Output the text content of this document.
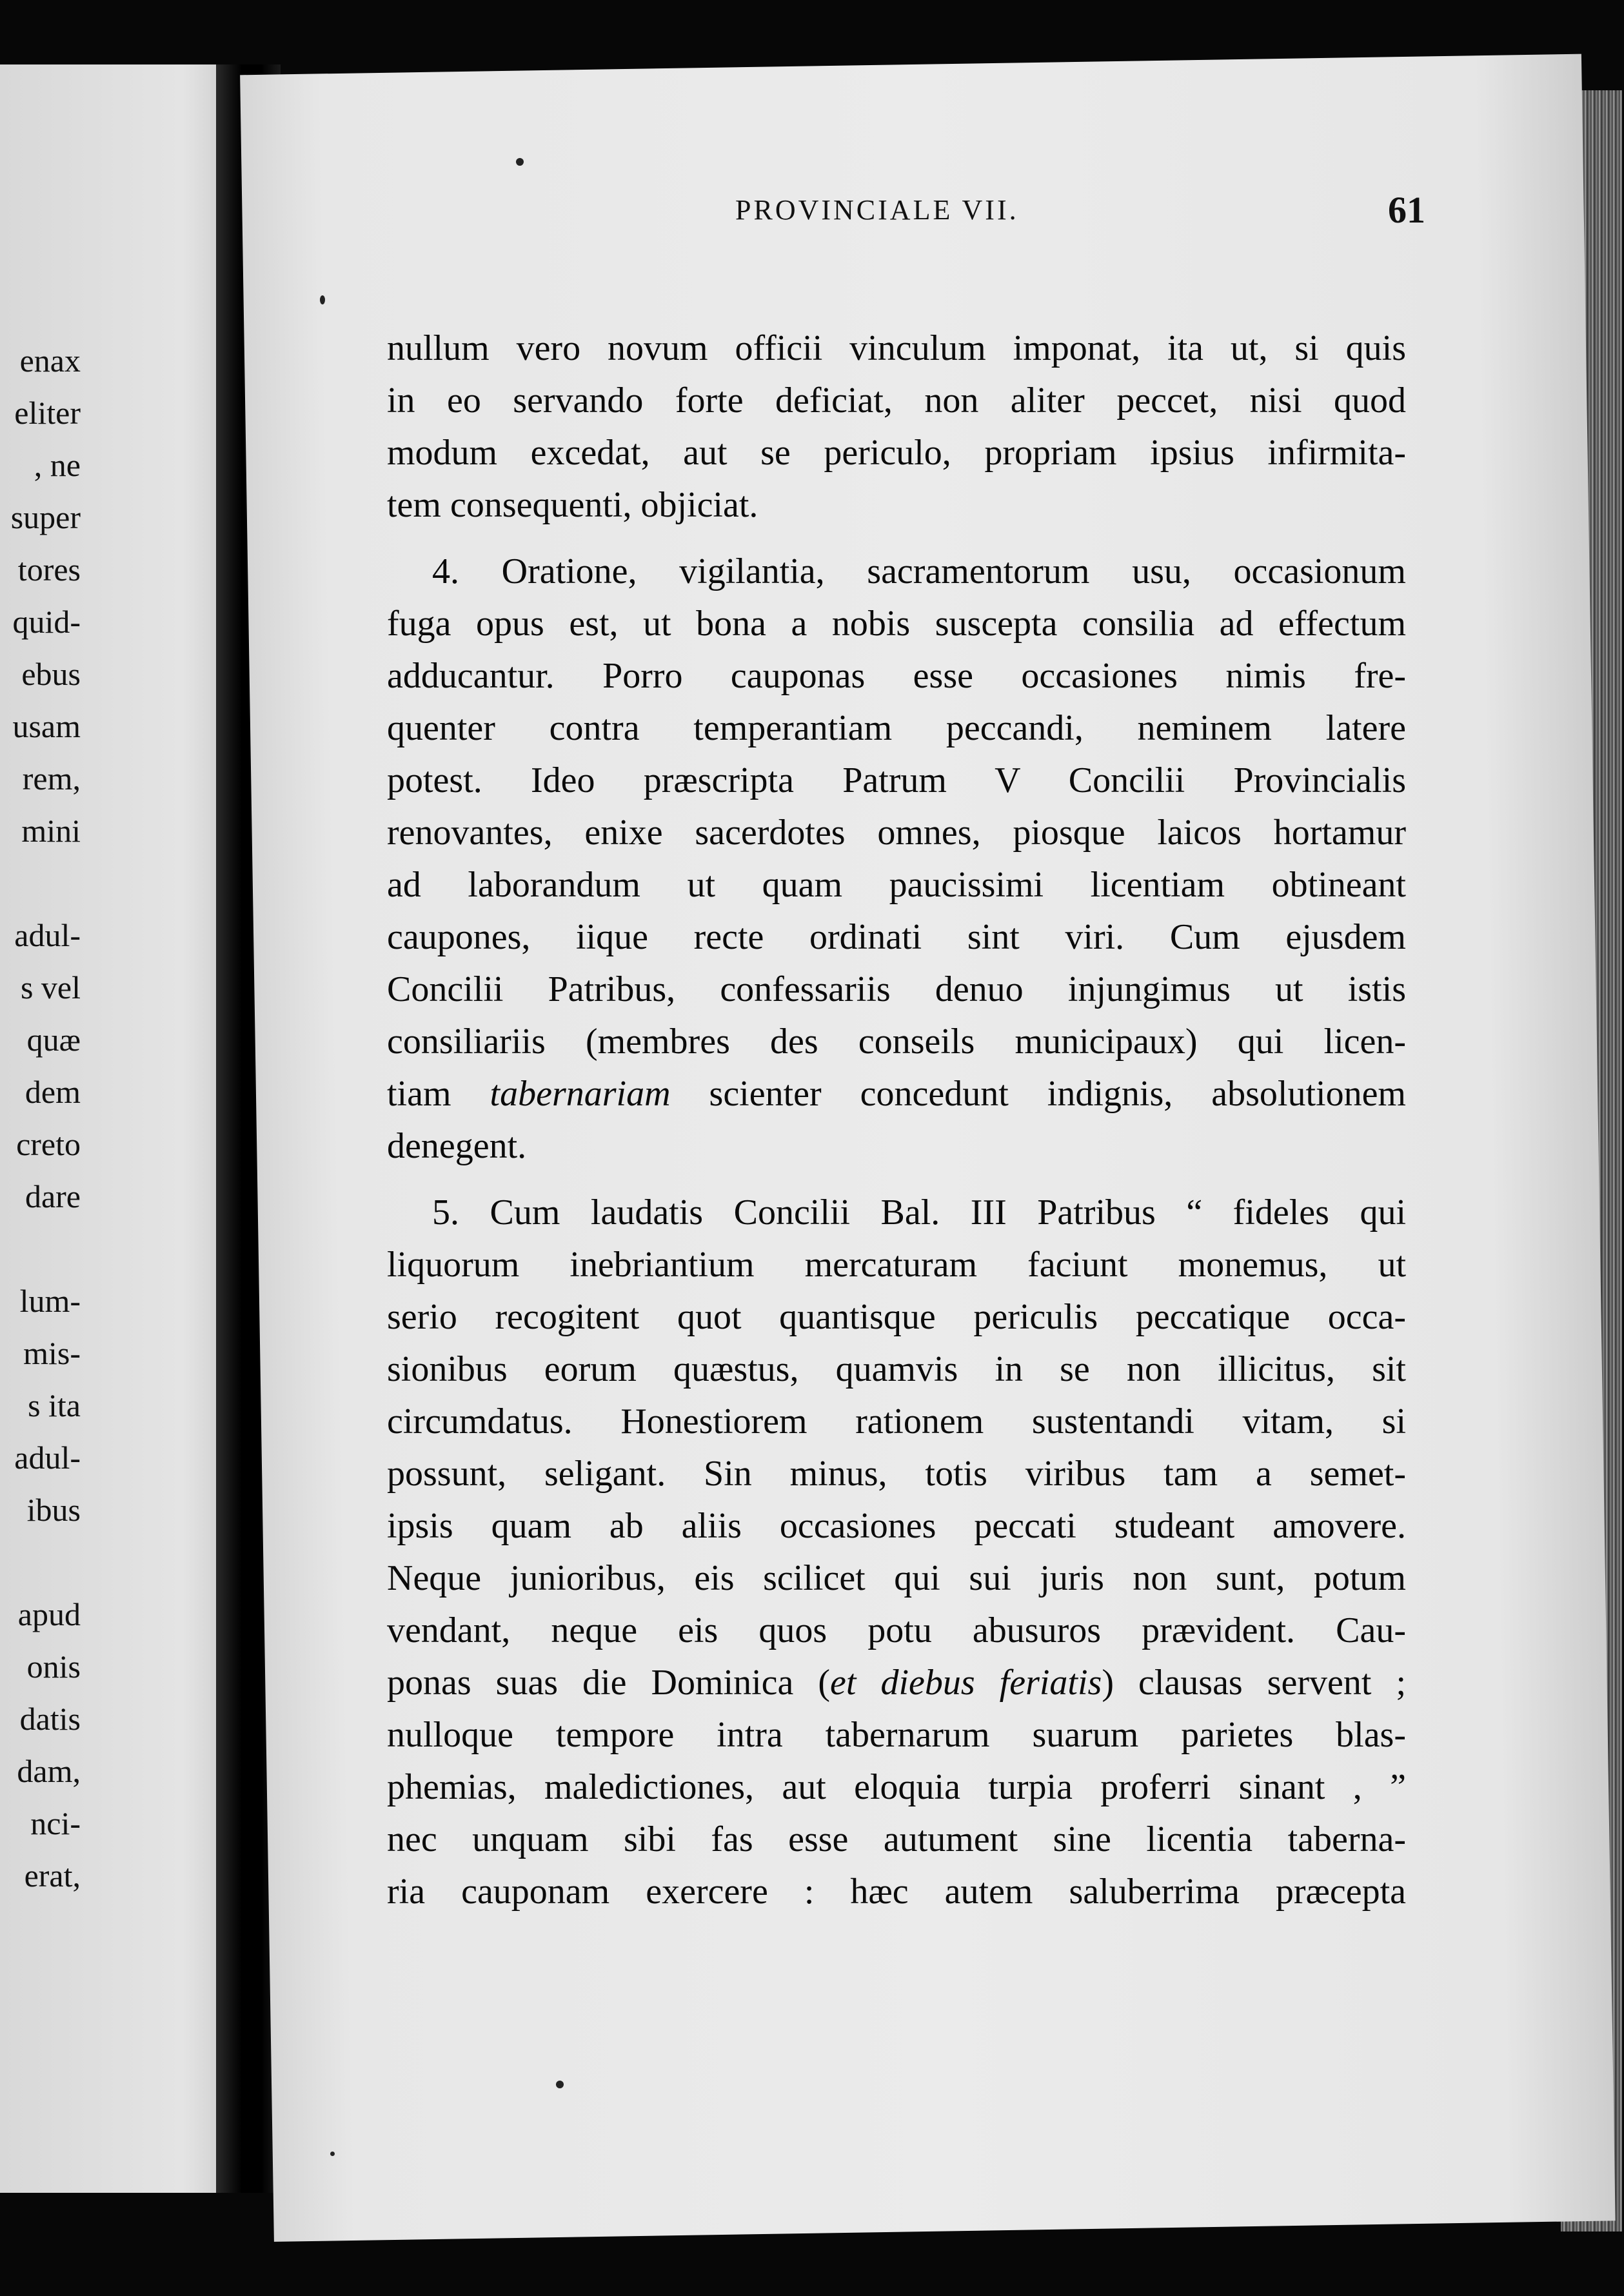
enax
eliter
, ne
super
tores
quid-
ebus
usam
rem,
mini
adul-
s vel
quæ
dem
creto
dare
lum-
mis-
s ita
adul-
ibus
apud
onis
datis
dam,
nci-
erat,
PROVINCIALE VII.	61
nullum vero novum officii vinculum imponat, ita ut, si quis
in eo servando forte deficiat, non aliter peccet, nisi quod
modum excedat, aut se periculo, propriam ipsius infirmita-
tem consequenti, objiciat.
4. Oratione, vigilantia, sacramentorum usu, occasionum
fuga opus est, ut bona a nobis suscepta consilia ad effectum
adducantur. Porro cauponas esse occasiones nimis fre-
quenter contra temperantiam peccandi, neminem latere
potest. Ideo præscripta Patrum V Concilii Provincialis
renovantes, enixe sacerdotes omnes, piosque laicos hortamur
ad laborandum ut quam paucissimi licentiam obtineant
caupones, iique recte ordinati sint viri. Cum ejusdem
Concilii Patribus, confessariis denuo injungimus ut istis
consiliariis (membres des conseils municipaux) qui licen-
tiam tabernariam scienter concedunt indignis, absolutionem
denegent.
5. Cum laudatis Concilii Bal. III Patribus “ fideles qui
liquorum inebriantium mercaturam faciunt monemus, ut
serio recogitent quot quantisque periculis peccatique occa-
sionibus eorum quæstus, quamvis in se non illicitus, sit
circumdatus. Honestiorem rationem sustentandi vitam, si
possunt, seligant. Sin minus, totis viribus tam a semet-
ipsis quam ab aliis occasiones peccati studeant amovere.
Neque junioribus, eis scilicet qui sui juris non sunt, potum
vendant, neque eis quos potu abusuros prævident. Cau-
ponas suas die Dominica (et diebus feriatis) clausas servent ;
nulloque tempore intra tabernarum suarum parietes blas-
phemias, maledictiones, aut eloquia turpia proferri sinant , ”
nec unquam sibi fas esse autument sine licentia taberna-
ria cauponam exercere : hæc autem saluberrima præcepta
